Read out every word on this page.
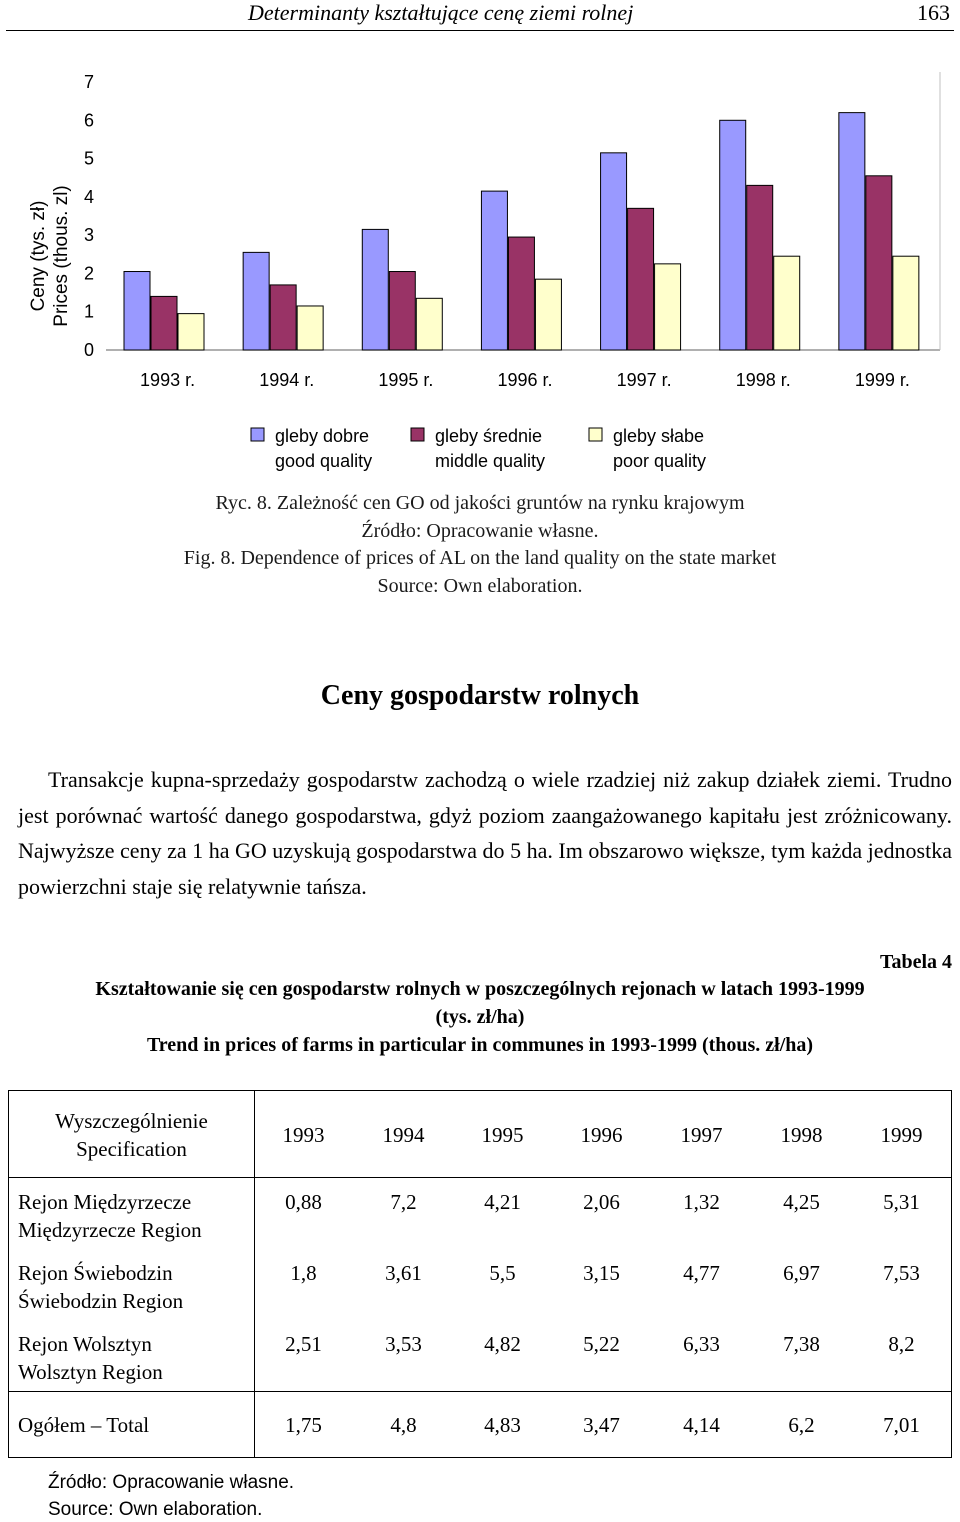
Determinanty kształtujące cenę ziemi rolnej	163
Ceny (tys. zł) Prices (thous. zl)
0
1
2
3
4
5
6
7
1993 r.	1994 r.	1995 r.	1996 r.	1997 r.	1998 r.	1999 r.
gleby dobre
good quality
gleby średnie
middle quality
gleby słabe
poor quality
Ryc. 8. Zależność cen GO od jakości gruntów na rynku krajowym
Źródło: Opracowanie własne.
Fig. 8. Dependence of prices of AL on the land quality on the state market
Source: Own elaboration.
Ceny gospodarstw rolnych

Transakcje kupna-sprzedaży gospodarstw zachodzą o wiele rzadziej niż zakup działek ziemi. Trudno jest porównać wartość danego gospodarstwa, gdyż poziom zaangażowanego kapitału jest zróżnicowany. Najwyższe ceny za 1 ha GO uzyskują gospodarstwa do 5 ha. Im obszarowo większe, tym każda jednostka powierzchni staje się relatywnie tańsza.

Tabela 4
Kształtowanie się cen gospodarstw rolnych w poszczególnych rejonach w latach 1993-1999
(tys. zł/ha)
Trend in prices of farms in particular in communes in 1993-1999 (thous. zł/ha)
Wyszczególnienie
Specification
1993	1994	1995	1996	1997	1998	1999
Rejon Międzyrzecze
Międzyrzecze Region
0,88	7,2	4,21	2,06	1,32	4,25	5,31
Rejon Świebodzin
Świebodzin Region
1,8	3,61	5,5	3,15	4,77	6,97	7,53
Rejon Wolsztyn
Wolsztyn Region
2,51	3,53	4,82	5,22	6,33	7,38	8,2
Ogółem – Total	1,75	4,8	4,83	3,47	4,14	6,2	7,01
Źródło: Opracowanie własne.
Source: Own elaboration.
